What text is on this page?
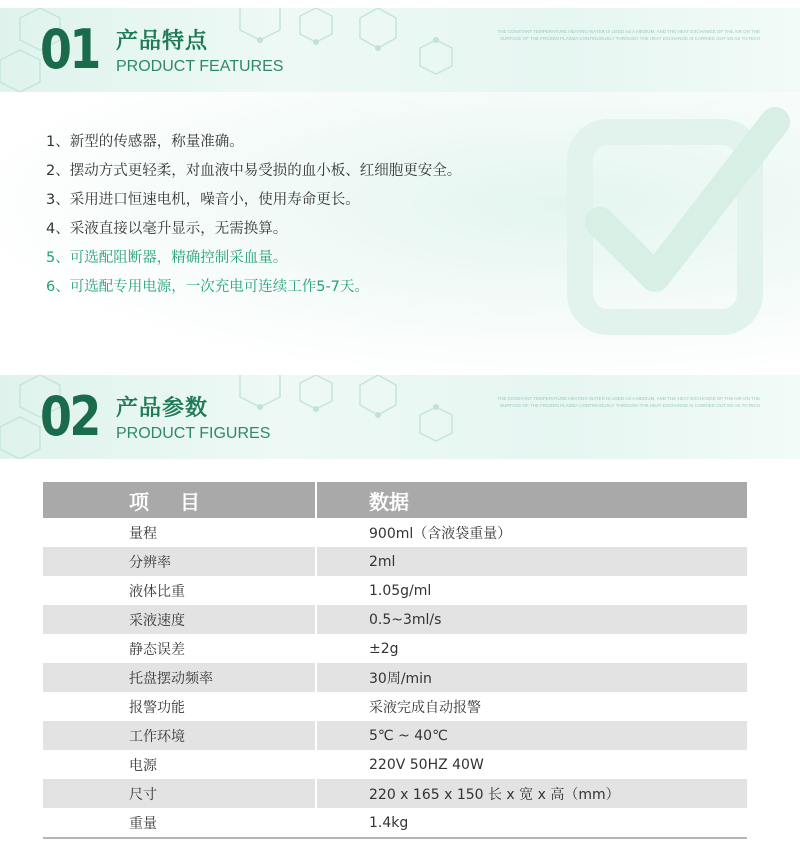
01 产品特点
PRODUCT FEATURES
THE CONSTANT TEMPERATURE HEATING WATER IS USED AS A MEDIUM, AND THE HEAT EXCHANGE OF THE AIR ON THE SURFACE OF THE FROZEN PLASMA CONTINUOUSLY THROUGH THE HEAT EXCHANGE IS CARRIED OUT SO AS TO RICH
1、新型的传感器，称量准确。
2、摆动方式更轻柔，对血液中易受损的血小板、红细胞更安全。
3、采用进口恒速电机，噪音小，使用寿命更长。
4、采液直接以毫升显示，无需换算。
5、可选配阻断器，精确控制采血量。
6、可选配专用电源，一次充电可连续工作5-7天。
02 产品参数
PRODUCT FIGURES
THE CONSTANT TEMPERATURE HEATING WATER IS USED AS A MEDIUM, AND THE HEAT EXCHANGE OF THE AIR ON THE SURFACE OF THE FROZEN PLASMA CONTINUOUSLY THROUGH THE HEAT EXCHANGE IS CARRIED OUT SO AS TO RICH
项 目	数据
量程	900ml（含液袋重量）
分辨率	2ml
液体比重	1.05g/ml
采液速度	0.5~3ml/s
静态误差	±2g
托盘摆动频率	30周/min
报警功能	采液完成自动报警
工作环境	5℃ ~ 40℃
电源	220V 50HZ 40W
尺寸	220 x 165 x 150 长 x 宽 x 高（mm）
重量	1.4kg
